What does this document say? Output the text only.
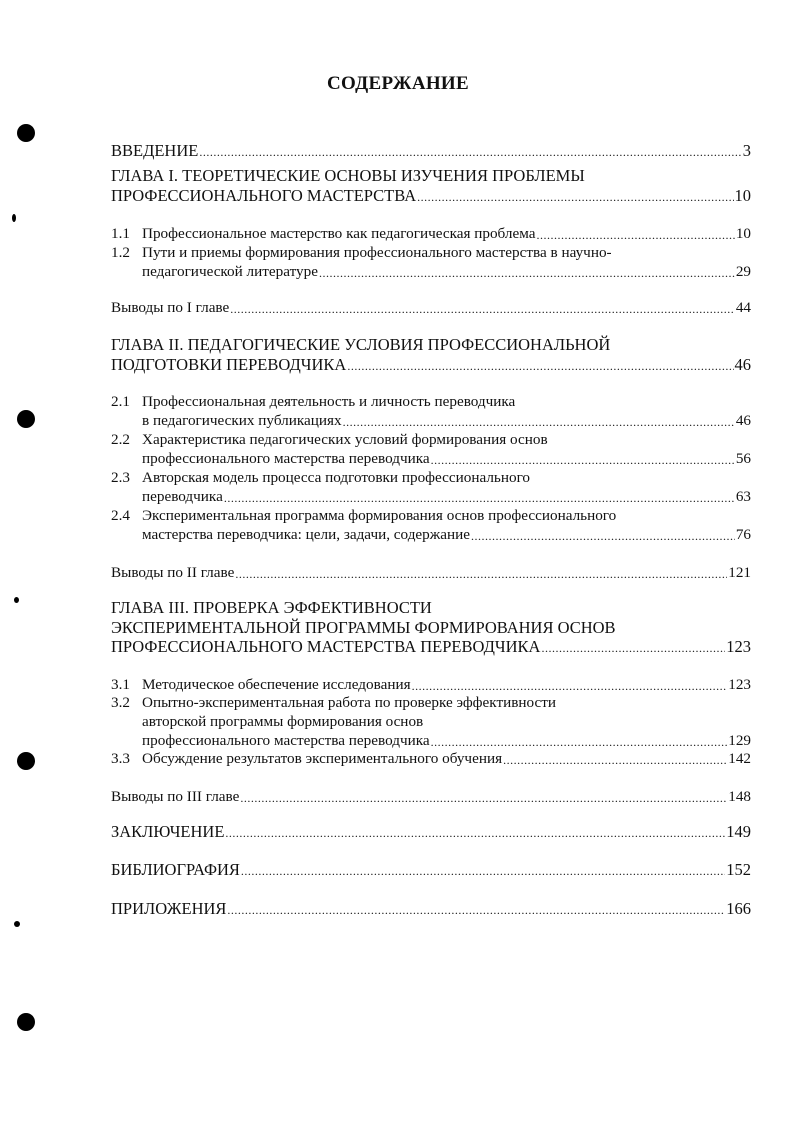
СОДЕРЖАНИЕ
ВВЕДЕНИЕ .....	3
ГЛАВА I. ТЕОРЕТИЧЕСКИЕ ОСНОВЫ ИЗУЧЕНИЯ ПРОБЛЕМЫ
ПРОФЕССИОНАЛЬНОГО МАСТЕРСТВА .....	10
1.1 Профессиональное мастерство как педагогическая проблема .....	10
1.2 Пути и приемы формирования профессионального мастерства в научно-
педагогической литературе .....	29
Выводы по I главе .....	44
ГЛАВА II. ПЕДАГОГИЧЕСКИЕ УСЛОВИЯ ПРОФЕССИОНАЛЬНОЙ
ПОДГОТОВКИ ПЕРЕВОДЧИКА .....	46
2.1 Профессиональная деятельность и личность переводчика
в педагогических публикациях .....	46
2.2 Характеристика педагогических условий формирования основ
профессионального мастерства переводчика .....	56
2.3 Авторская модель процесса подготовки профессионального
переводчика .....	63
2.4 Экспериментальная программа формирования основ профессионального
мастерства переводчика: цели, задачи, содержание .....	76
Выводы по II главе .....	121
ГЛАВА III. ПРОВЕРКА ЭФФЕКТИВНОСТИ
ЭКСПЕРИМЕНТАЛЬНОЙ ПРОГРАММЫ ФОРМИРОВАНИЯ ОСНОВ
ПРОФЕССИОНАЛЬНОГО МАСТЕРСТВА ПЕРЕВОДЧИКА .....	123
3.1 Методическое обеспечение исследования .....	123
3.2 Опытно-экспериментальная работа по проверке эффективности
авторской программы формирования основ
профессионального мастерства переводчика .....	129
3.3 Обсуждение результатов экспериментального обучения .....	142
Выводы по III главе .....	148
ЗАКЛЮЧЕНИЕ .....	149
БИБЛИОГРАФИЯ .....	152
ПРИЛОЖЕНИЯ .....	166
